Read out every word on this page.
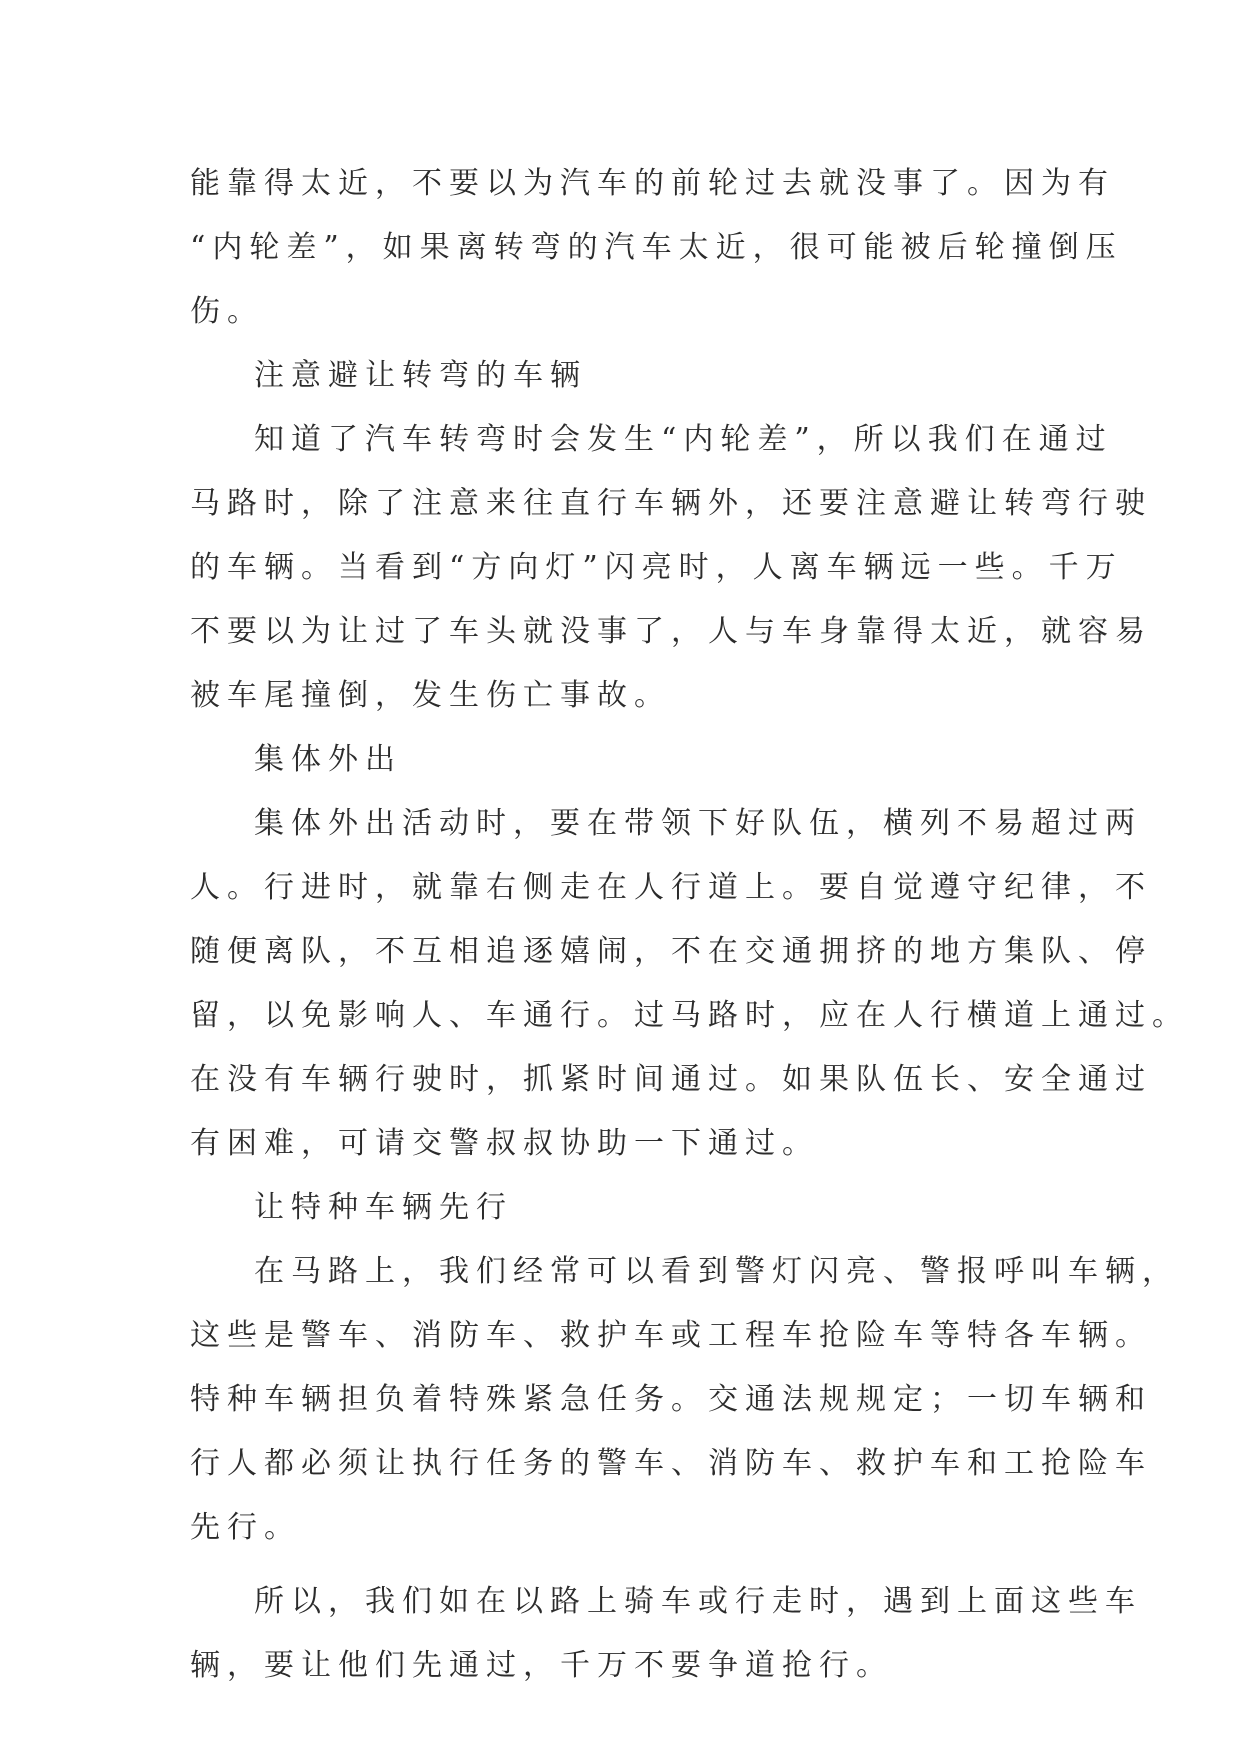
能靠得太近，不要以为汽车的前轮过去就没事了。因为有
“内轮差”，如果离转弯的汽车太近，很可能被后轮撞倒压
伤。
注意避让转弯的车辆
知道了汽车转弯时会发生“内轮差”，所以我们在通过
马路时，除了注意来往直行车辆外，还要注意避让转弯行驶
的车辆。当看到“方向灯”闪亮时，人离车辆远一些。千万
不要以为让过了车头就没事了，人与车身靠得太近，就容易
被车尾撞倒，发生伤亡事故。
集体外出
集体外出活动时，要在带领下好队伍，横列不易超过两
人。行进时，就靠右侧走在人行道上。要自觉遵守纪律，不
随便离队，不互相追逐嬉闹，不在交通拥挤的地方集队、停
留，以免影响人、车通行。过马路时，应在人行横道上通过。
在没有车辆行驶时，抓紧时间通过。如果队伍长、安全通过
有困难，可请交警叔叔协助一下通过。
让特种车辆先行
在马路上，我们经常可以看到警灯闪亮、警报呼叫车辆，
这些是警车、消防车、救护车或工程车抢险车等特各车辆。
特种车辆担负着特殊紧急任务。交通法规规定；一切车辆和
行人都必须让执行任务的警车、消防车、救护车和工抢险车
先行。
所以，我们如在以路上骑车或行走时，遇到上面这些车
辆，要让他们先通过，千万不要争道抢行。
